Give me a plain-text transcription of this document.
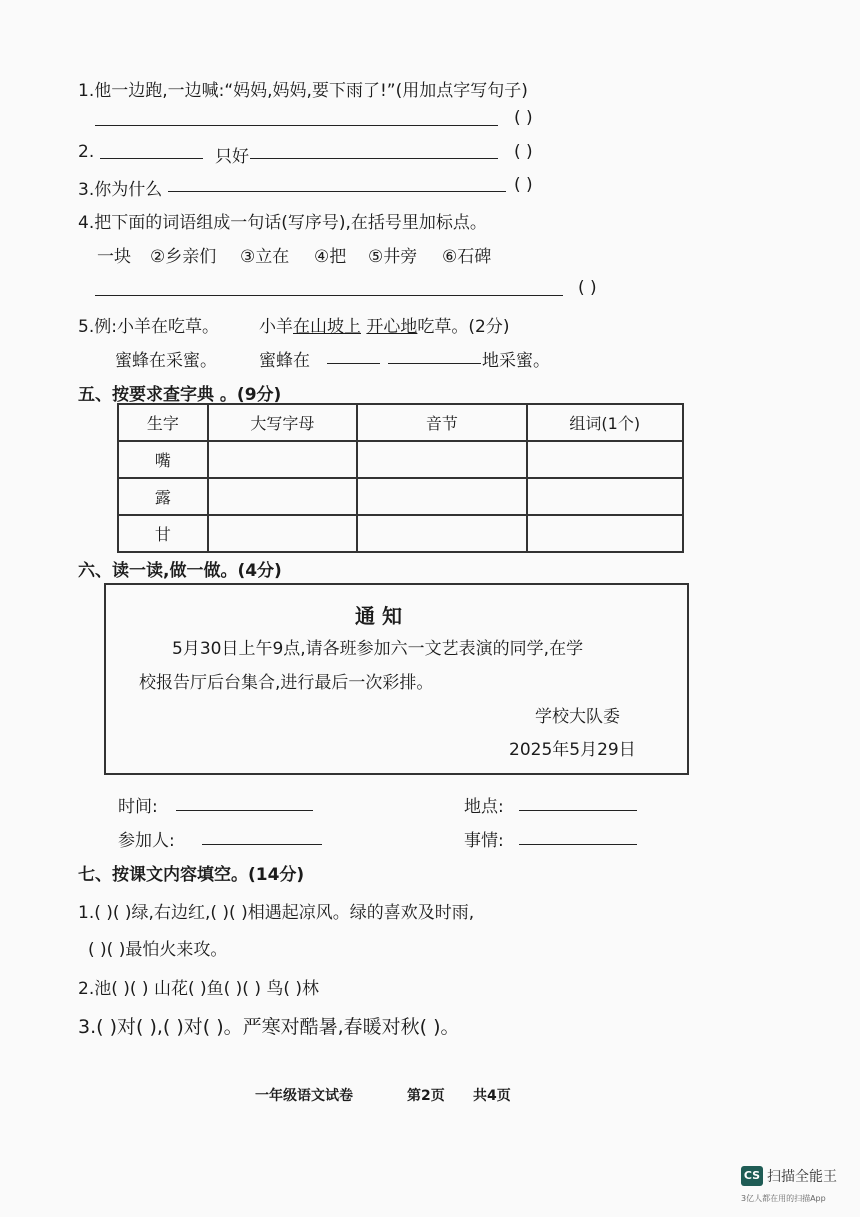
1.他一边跑,一边喊:“妈妈,妈妈,要下雨了!”(用加点字写句子)
( )
2.	只好	( )
3.你为什么	( )
4.把下面的词语组成一句话(写序号),在括号里加标点。
一块 ②乡亲们 ③立在 ④把 ⑤井旁 ⑥石碑
( )
5.例:小羊在吃草。 小羊在山坡上 开心地吃草。(2分)
蜜蜂在采蜜。 蜜蜂在	地采蜜。
五、按要求查字典 。(9分)
生字	大写字母	音节	组词(1个)
嘴			
露			
甘			
六、读一读,做一做。(4分)
通 知
5月30日上午9点,请各班参加六一文艺表演的同学,在学
校报告厅后台集合,进行最后一次彩排。
学校大队委
2025年5月29日
时间:	地点:
参加人:	事情:
七、按课文内容填空。(14分)
1.( )( )绿,右边红,( )( )相遇起凉风。绿的喜欢及时雨,
( )( )最怕火来攻。
2.池( )( ) 山花( )鱼( )( ) 鸟( )林
3.( )对( ),( )对( )。严寒对酷暑,春暖对秋( )。
一年级语文试卷	第2页 共4页
CS 扫描全能王
3亿人都在用的扫描App
